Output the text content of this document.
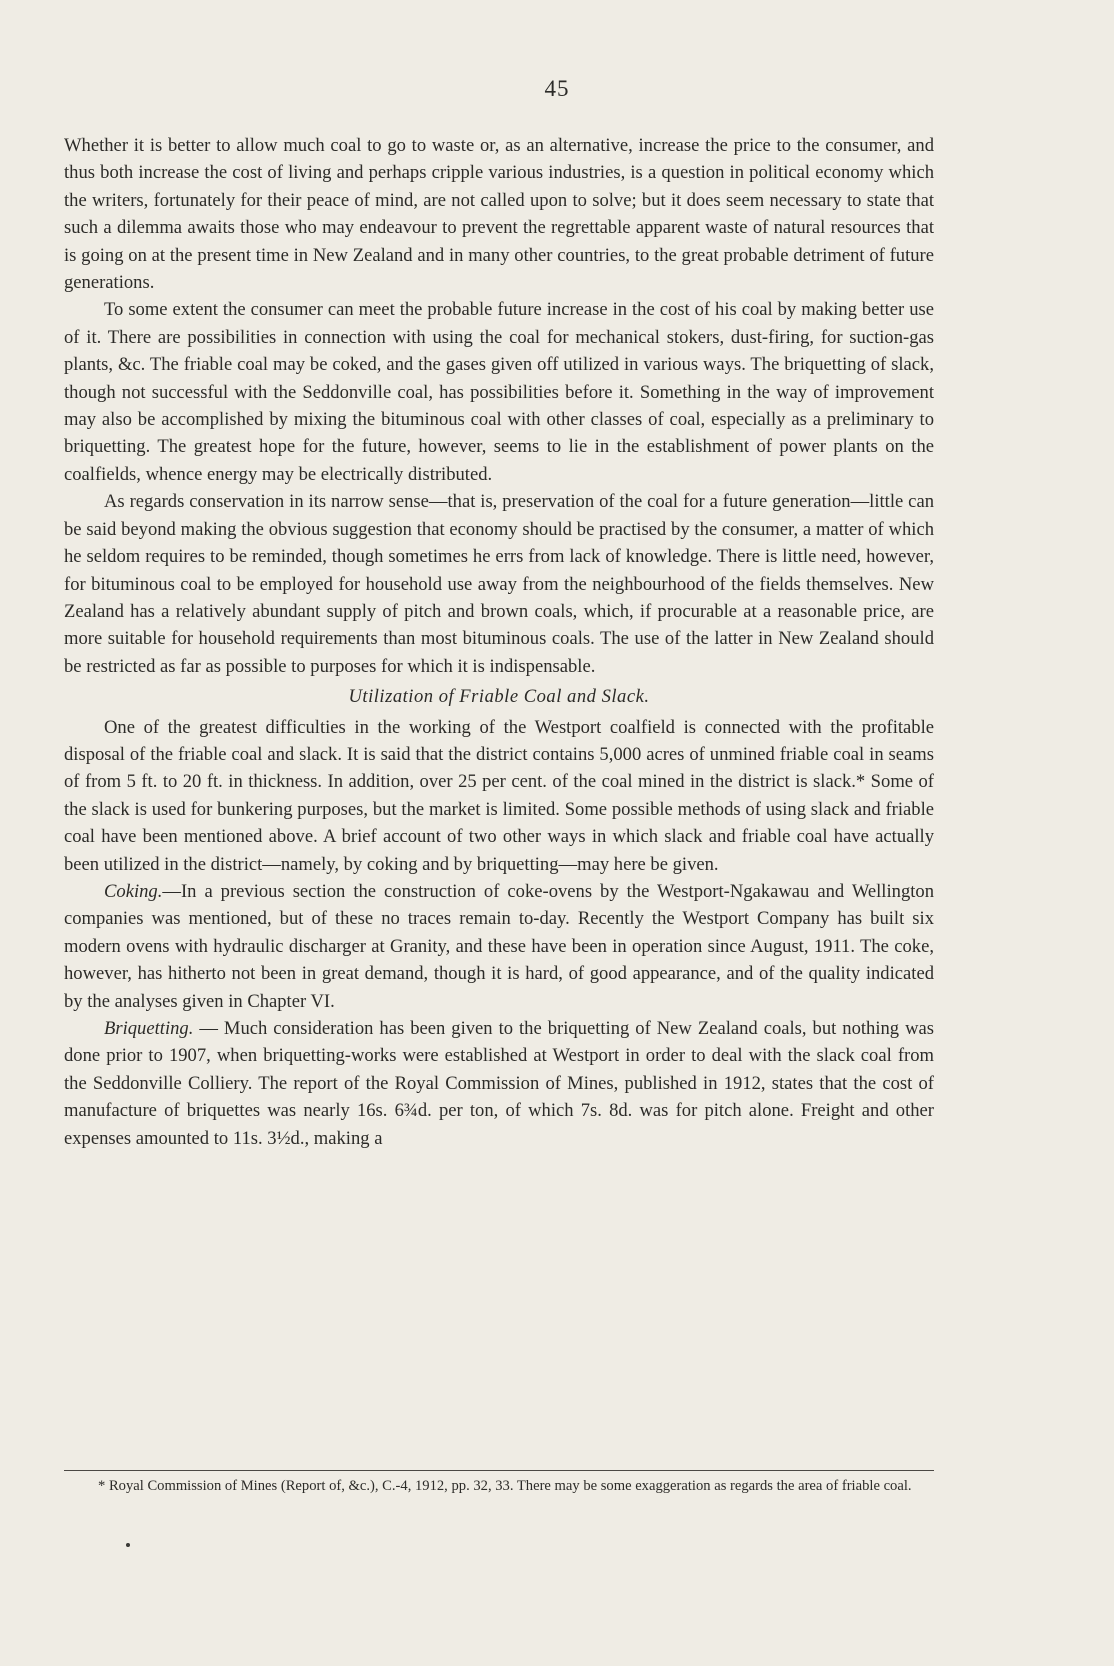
45

Whether it is better to allow much coal to go to waste or, as an alternative, increase the price to the consumer, and thus both increase the cost of living and perhaps cripple various industries, is a question in political economy which the writers, fortunately for their peace of mind, are not called upon to solve; but it does seem necessary to state that such a dilemma awaits those who may endeavour to prevent the regrettable apparent waste of natural resources that is going on at the present time in New Zealand and in many other countries, to the great probable detriment of future generations.

To some extent the consumer can meet the probable future increase in the cost of his coal by making better use of it. There are possibilities in connection with using the coal for mechanical stokers, dust-firing, for suction-gas plants, &c. The friable coal may be coked, and the gases given off utilized in various ways. The briquetting of slack, though not successful with the Seddonville coal, has possibilities before it. Something in the way of improvement may also be accomplished by mixing the bituminous coal with other classes of coal, especially as a preliminary to briquetting. The greatest hope for the future, however, seems to lie in the establishment of power plants on the coalfields, whence energy may be electrically distributed.

As regards conservation in its narrow sense—that is, preservation of the coal for a future generation—little can be said beyond making the obvious suggestion that economy should be practised by the consumer, a matter of which he seldom requires to be reminded, though sometimes he errs from lack of knowledge. There is little need, however, for bituminous coal to be employed for household use away from the neighbourhood of the fields themselves. New Zealand has a relatively abundant supply of pitch and brown coals, which, if procurable at a reasonable price, are more suitable for household requirements than most bituminous coals. The use of the latter in New Zealand should be restricted as far as possible to purposes for which it is indispensable.

Utilization of Friable Coal and Slack.

One of the greatest difficulties in the working of the Westport coalfield is connected with the profitable disposal of the friable coal and slack. It is said that the district contains 5,000 acres of unmined friable coal in seams of from 5 ft. to 20 ft. in thickness. In addition, over 25 per cent. of the coal mined in the district is slack.* Some of the slack is used for bunkering purposes, but the market is limited. Some possible methods of using slack and friable coal have been mentioned above. A brief account of two other ways in which slack and friable coal have actually been utilized in the district—namely, by coking and by briquetting—may here be given.

Coking.—In a previous section the construction of coke-ovens by the Westport-Ngakawau and Wellington companies was mentioned, but of these no traces remain to-day. Recently the Westport Company has built six modern ovens with hydraulic discharger at Granity, and these have been in operation since August, 1911. The coke, however, has hitherto not been in great demand, though it is hard, of good appearance, and of the quality indicated by the analyses given in Chapter VI.

Briquetting. — Much consideration has been given to the briquetting of New Zealand coals, but nothing was done prior to 1907, when briquetting-works were established at Westport in order to deal with the slack coal from the Seddonville Colliery. The report of the Royal Commission of Mines, published in 1912, states that the cost of manufacture of briquettes was nearly 16s. 6¾d. per ton, of which 7s. 8d. was for pitch alone. Freight and other expenses amounted to 11s. 3½d., making a

* Royal Commission of Mines (Report of, &c.), C.-4, 1912, pp. 32, 33. There may be some exaggeration as regards the area of friable coal.
